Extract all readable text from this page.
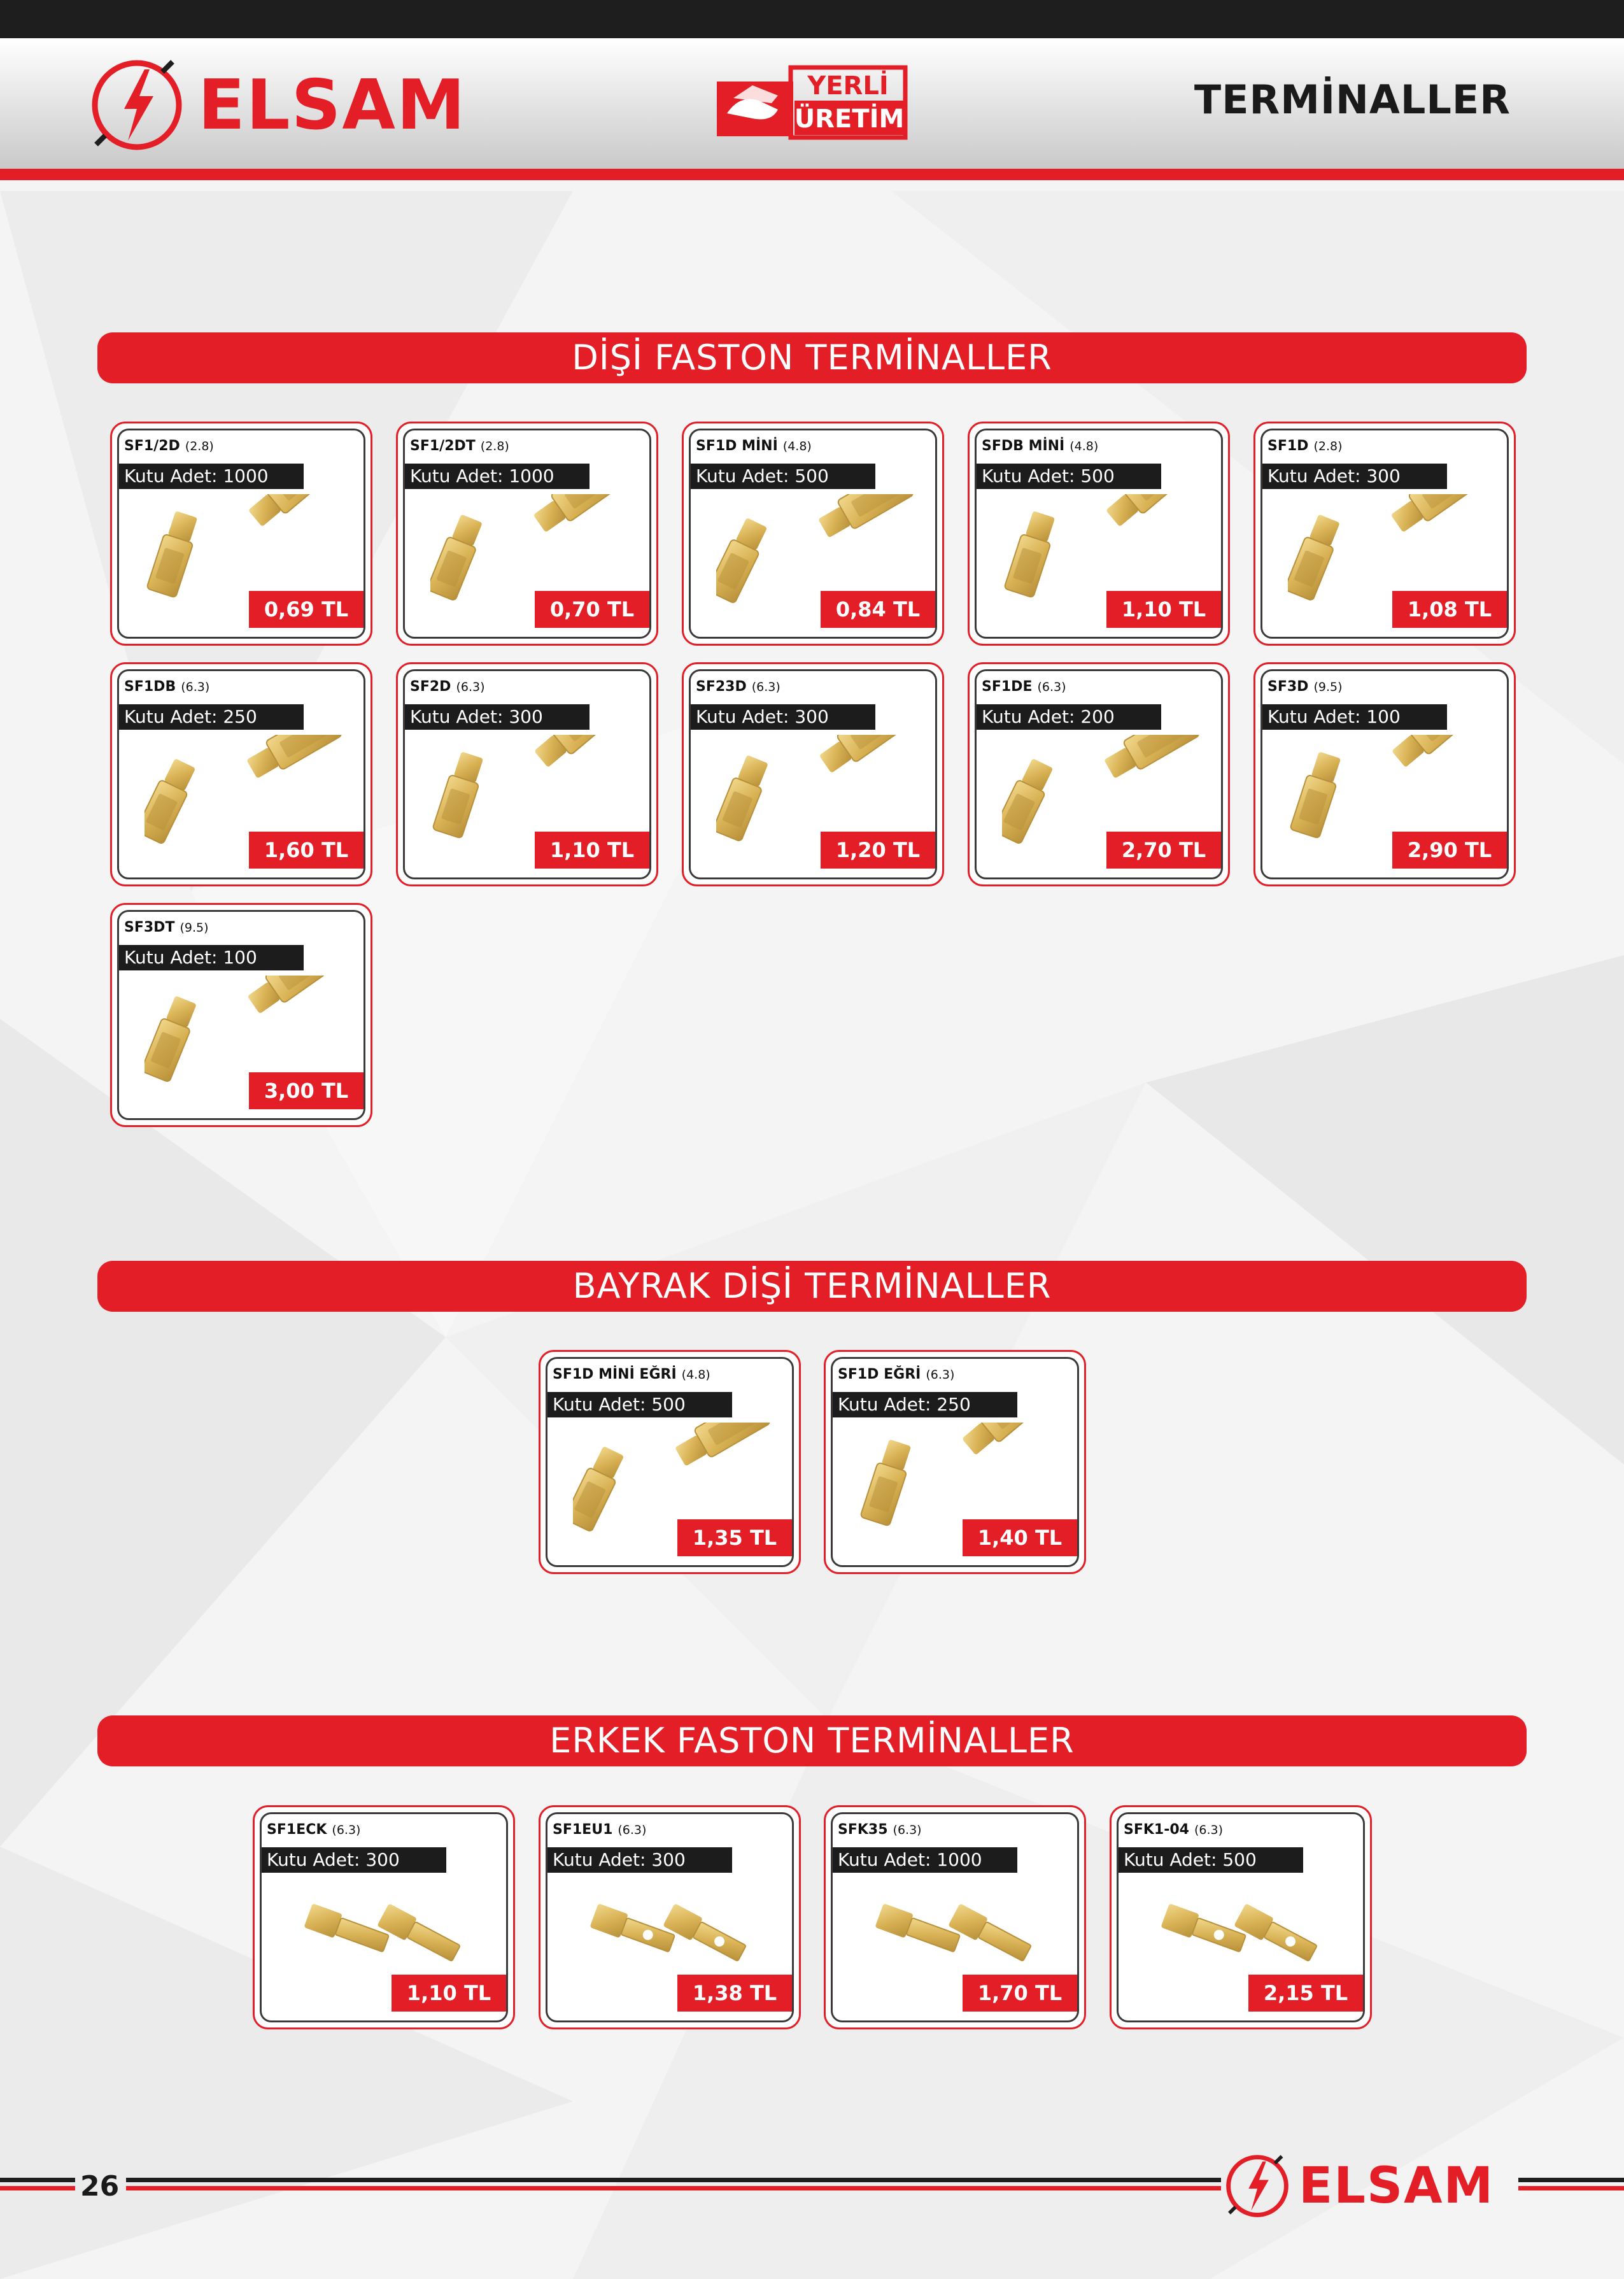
ELSAM	YERLİ
ÜRETİM	TERMİNALLER
DİŞİ FASTON TERMİNALLER
SF1/2D (2.8)
Kutu Adet: 1000
0,69 TL
SF1/2DT (2.8)
Kutu Adet: 1000
0,70 TL
SF1D MİNİ (4.8)
Kutu Adet: 500
0,84 TL
SFDB MİNİ (4.8)
Kutu Adet: 500
1,10 TL
SF1D (2.8)
Kutu Adet: 300
1,08 TL
SF1DB (6.3)
Kutu Adet: 250
1,60 TL
SF2D (6.3)
Kutu Adet: 300
1,10 TL
SF23D (6.3)
Kutu Adet: 300
1,20 TL
SF1DE (6.3)
Kutu Adet: 200
2,70 TL
SF3D (9.5)
Kutu Adet: 100
2,90 TL
SF3DT (9.5)
Kutu Adet: 100
3,00 TL
BAYRAK DİŞİ TERMİNALLER
SF1D MİNİ EĞRİ (4.8)
Kutu Adet: 500
1,35 TL
SF1D EĞRİ (6.3)
Kutu Adet: 250
1,40 TL
ERKEK FASTON TERMİNALLER
SF1ECK (6.3)
Kutu Adet: 300
1,10 TL
SF1EU1 (6.3)
Kutu Adet: 300
1,38 TL
SFK35 (6.3)
Kutu Adet: 1000
1,70 TL
SFK1-04 (6.3)
Kutu Adet: 500
2,15 TL
26	ELSAM
